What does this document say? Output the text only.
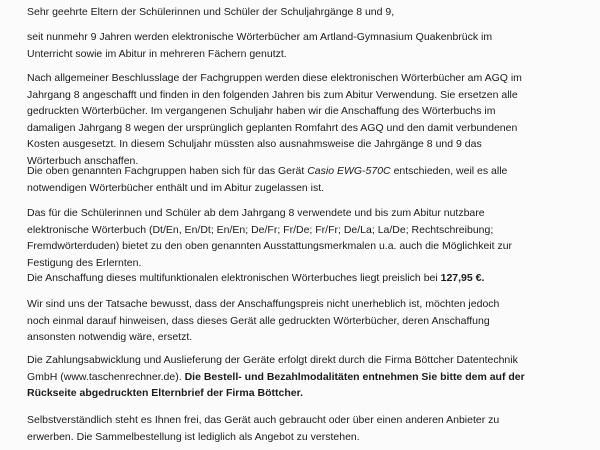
Sehr geehrte Eltern der Schülerinnen und Schüler der Schuljahrgänge 8 und 9,

seit nunmehr 9 Jahren werden elektronische Wörterbücher am Artland-Gymnasium Quakenbrück im
Unterricht sowie im Abitur in mehreren Fächern genutzt.

Nach allgemeiner Beschlusslage der Fachgruppen werden diese elektronischen Wörterbücher am AGQ im
Jahrgang 8 angeschafft und finden in den folgenden Jahren bis zum Abitur Verwendung. Sie ersetzen alle
gedruckten Wörterbücher. Im vergangenen Schuljahr haben wir die Anschaffung des Wörterbuchs im
damaligen Jahrgang 8 wegen der ursprünglich geplanten Romfahrt des AGQ und den damit verbundenen
Kosten ausgesetzt. In diesem Schuljahr müssten also ausnahmsweise die Jahrgänge 8 und 9 das
Wörterbuch anschaffen.

Die oben genannten Fachgruppen haben sich für das Gerät Casio EWG-570C entschieden, weil es alle
notwendigen Wörterbücher enthält und im Abitur zugelassen ist.

Das für die Schülerinnen und Schüler ab dem Jahrgang 8 verwendete und bis zum Abitur nutzbare
elektronische Wörterbuch (Dt/En, En/Dt; En/En; De/Fr; Fr/De; Fr/Fr; De/La; La/De; Rechtschreibung;
Fremdwörterduden) bietet zu den oben genannten Ausstattungsmerkmalen u.a. auch die Möglichkeit zur
Festigung des Erlernten.

Die Anschaffung dieses multifunktionalen elektronischen Wörterbuches liegt preislich bei 127,95 €.

Wir sind uns der Tatsache bewusst, dass der Anschaffungspreis nicht unerheblich ist, möchten jedoch
noch einmal darauf hinweisen, dass dieses Gerät alle gedruckten Wörterbücher, deren Anschaffung
ansonsten notwendig wäre, ersetzt.

Die Zahlungsabwicklung und Auslieferung der Geräte erfolgt direkt durch die Firma Böttcher Datentechnik
GmbH (www.taschenrechner.de). Die Bestell- und Bezahlmodalitäten entnehmen Sie bitte dem auf der
Rückseite abgedruckten Elternbrief der Firma Böttcher.

Selbstverständlich steht es Ihnen frei, das Gerät auch gebraucht oder über einen anderen Anbieter zu
erwerben. Die Sammelbestellung ist lediglich als Angebot zu verstehen.
